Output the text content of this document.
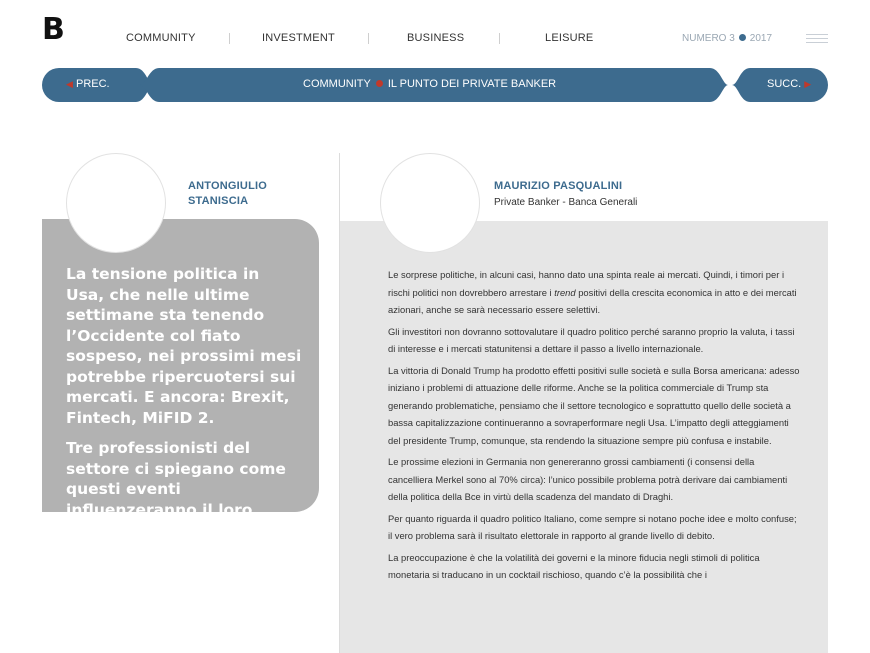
B	COMMUNITY	INVESTMENT	BUSINESS	LEISURE	NUMERO 3 2017
◀ PREC.	COMMUNITY IL PUNTO DEI PRIVATE BANKER	SUCC. ▶
ANTONGIULIO
STANISCIA

La tensione politica in Usa, che nelle ultime settimane sta tenendo l’Occidente col fiato sospeso, nei prossimi mesi potrebbe ripercuotersi sui mercati. E ancora: Brexit, Fintech, MiFID 2.

Tre professionisti del settore ci spiegano come questi eventi influenzeranno il loro lavoro

MAURIZIO PASQUALINI
Private Banker - Banca Generali

Le sorprese politiche, in alcuni casi, hanno dato una spinta reale ai mercati. Quindi, i timori per i rischi politici non dovrebbero arrestare i trend positivi della crescita economica in atto e dei mercati azionari, anche se sarà necessario essere selettivi.

Gli investitori non dovranno sottovalutare il quadro politico perché saranno proprio la valuta, i tassi di interesse e i mercati statunitensi a dettare il passo a livello internazionale.

La vittoria di Donald Trump ha prodotto effetti positivi sulle società e sulla Borsa americana: adesso iniziano i problemi di attuazione delle riforme. Anche se la politica commerciale di Trump sta generando problematiche, pensiamo che il settore tecnologico e soprattutto quello delle società a bassa capitalizzazione continueranno a sovraperformare negli Usa. L’impatto degli atteggiamenti del presidente Trump, comunque, sta rendendo la situazione sempre più confusa e instabile.

Le prossime elezioni in Germania non genereranno grossi cambiamenti (i consensi della cancelliera Merkel sono al 70% circa): l’unico possibile problema potrà derivare dai cambiamenti della politica della Bce in virtù della scadenza del mandato di Draghi.

Per quanto riguarda il quadro politico Italiano, come sempre si notano poche idee e molto confuse; il vero problema sarà il risultato elettorale in rapporto al grande livello di debito.

La preoccupazione è che la volatilità dei governi e la minore fiducia negli stimoli di politica monetaria si traducano in un cocktail rischioso, quando c’è la possibilità che i
